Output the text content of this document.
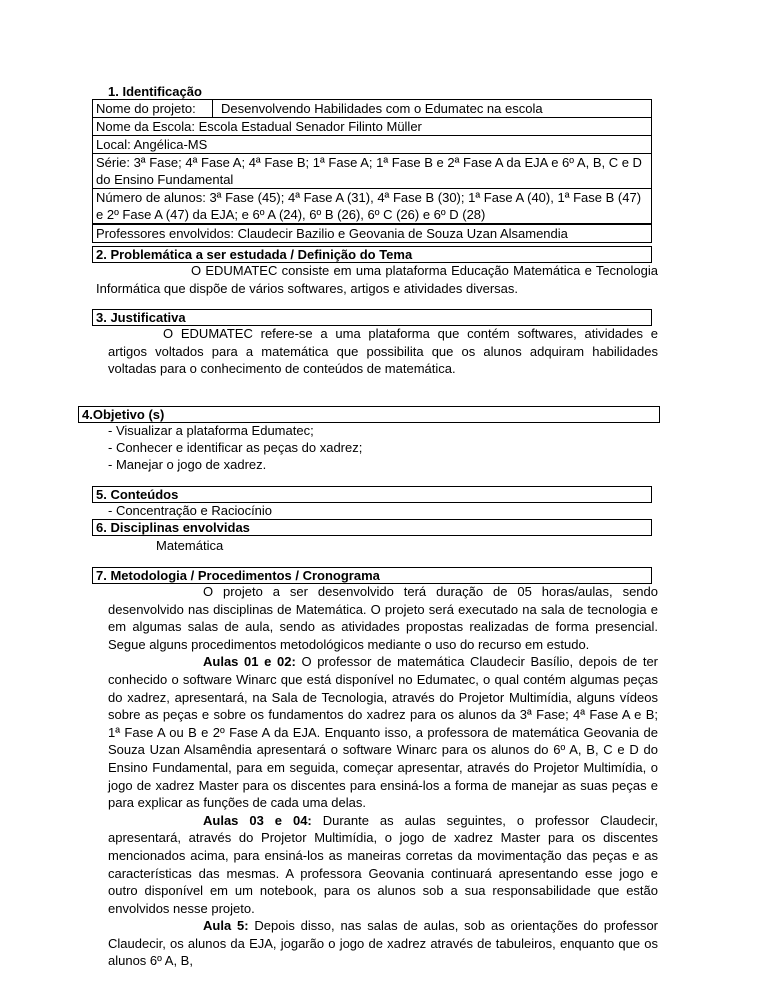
1. Identificação
Nome do projeto:	Desenvolvendo Habilidades com o Edumatec na escola
Nome da Escola: Escola Estadual Senador Filinto Müller
Local: Angélica-MS
Série: 3ª Fase; 4ª Fase A; 4ª Fase B; 1ª Fase A; 1ª Fase B e 2ª Fase A da EJA e 6º A, B, C e D do Ensino Fundamental
Número de alunos: 3ª Fase (45); 4ª Fase A (31), 4ª Fase B (30); 1ª Fase A (40), 1ª Fase B (47) e 2º Fase A (47) da EJA; e 6º A (24), 6º B (26), 6º C (26) e 6º D (28)
Professores envolvidos: Claudecir Bazilio e Geovania de Souza Uzan Alsamendia
2. Problemática a ser estudada / Definição do Tema
O EDUMATEC consiste em uma plataforma Educação Matemática e Tecnologia Informática que dispõe de vários softwares, artigos e atividades diversas.
3. Justificativa
O EDUMATEC refere-se a uma plataforma que contém softwares, atividades e artigos voltados para a matemática que possibilita que os alunos adquiram habilidades voltadas para o conhecimento de conteúdos de matemática.
4.Objetivo (s)
- Visualizar a plataforma Edumatec;
- Conhecer e identificar as peças do xadrez;
- Manejar o jogo de xadrez.
5. Conteúdos
- Concentração e Raciocínio
6. Disciplinas envolvidas
Matemática
7. Metodologia / Procedimentos / Cronograma
O projeto a ser desenvolvido terá duração de 05 horas/aulas, sendo desenvolvido nas disciplinas de Matemática. O projeto será executado na sala de tecnologia e em algumas salas de aula, sendo as atividades propostas realizadas de forma presencial. Segue alguns procedimentos metodológicos mediante o uso do recurso em estudo.
Aulas 01 e 02: O professor de matemática Claudecir Basílio, depois de ter conhecido o software Winarc que está disponível no Edumatec, o qual contém algumas peças do xadrez, apresentará, na Sala de Tecnologia, através do Projetor Multimídia, alguns vídeos sobre as peças e sobre os fundamentos do xadrez para os alunos da 3ª Fase; 4ª Fase A e B; 1ª Fase A ou B e 2º Fase A da EJA. Enquanto isso, a professora de matemática Geovania de Souza Uzan Alsamêndia apresentará o software Winarc para os alunos do 6º A, B, C e D do Ensino Fundamental, para em seguida, começar apresentar, através do Projetor Multimídia, o jogo de xadrez Master para os discentes para ensiná-los a forma de manejar as suas peças e para explicar as funções de cada uma delas.
Aulas 03 e 04: Durante as aulas seguintes, o professor Claudecir, apresentará, através do Projetor Multimídia, o jogo de xadrez Master para os discentes mencionados acima, para ensiná-los as maneiras corretas da movimentação das peças e as características das mesmas. A professora Geovania continuará apresentando esse jogo e outro disponível em um notebook, para os alunos sob a sua responsabilidade que estão envolvidos nesse projeto.
Aula 5: Depois disso, nas salas de aulas, sob as orientações do professor Claudecir, os alunos da EJA, jogarão o jogo de xadrez através de tabuleiros, enquanto que os alunos 6º A, B,
